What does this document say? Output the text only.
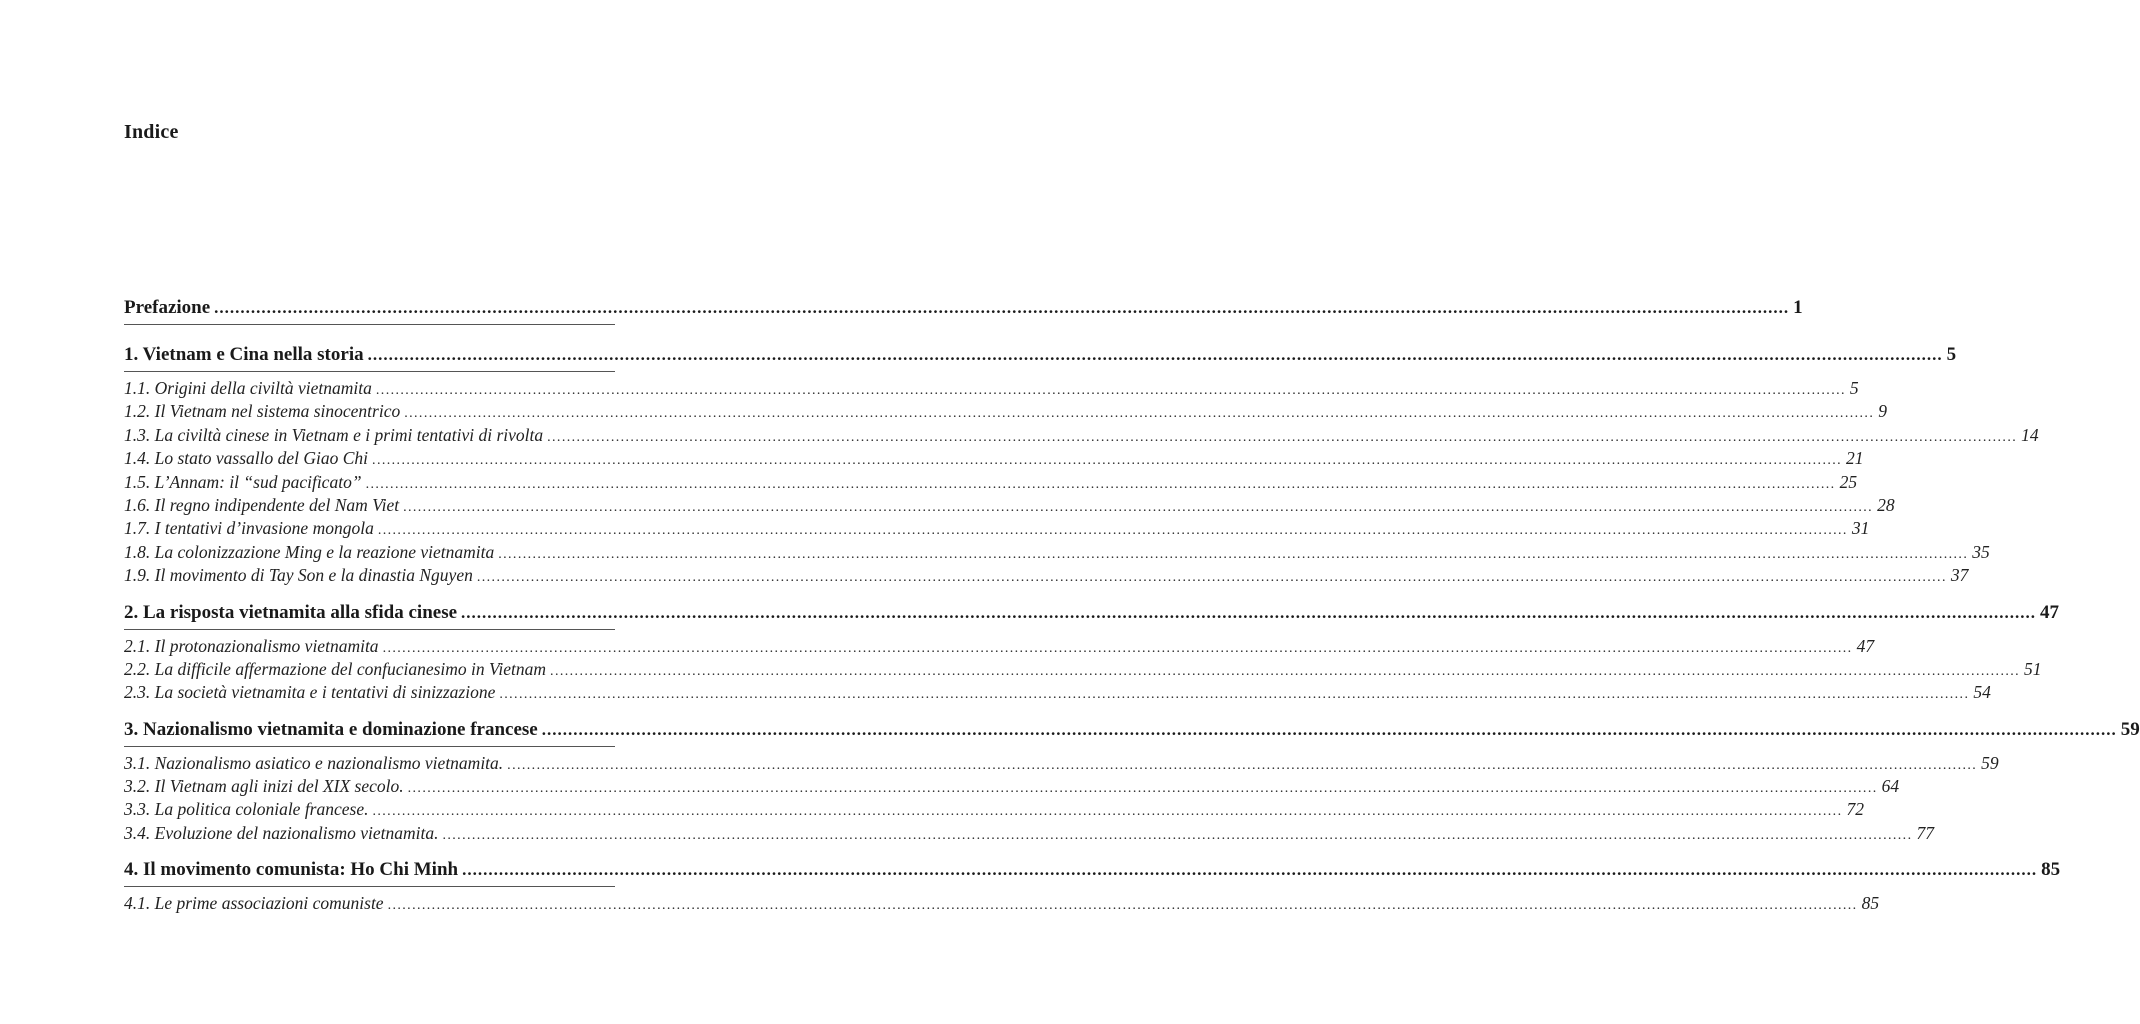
Indice
Prefazione ............................................................................................................................................................................................................................................................................................................ 1
1. Vietnam e Cina nella storia ............................................................................................................................................................................................................................................................................................................ 5
1.1. Origini della civiltà vietnamita ............................................................................................................................................................................................................................................................................................................ 5
1.2. Il Vietnam nel sistema sinocentrico ............................................................................................................................................................................................................................................................................................................ 9
1.3. La civiltà cinese in Vietnam e i primi tentativi di rivolta ............................................................................................................................................................................................................................................................................................................ 14
1.4. Lo stato vassallo del Giao Chi ............................................................................................................................................................................................................................................................................................................ 21
1.5. L’Annam: il “sud pacificato” ............................................................................................................................................................................................................................................................................................................ 25
1.6. Il regno indipendente del Nam Viet ............................................................................................................................................................................................................................................................................................................ 28
1.7. I tentativi d’invasione mongola ............................................................................................................................................................................................................................................................................................................ 31
1.8. La colonizzazione Ming e la reazione vietnamita ............................................................................................................................................................................................................................................................................................................ 35
1.9. Il movimento di Tay Son e la dinastia Nguyen ............................................................................................................................................................................................................................................................................................................ 37
2. La risposta vietnamita alla sfida cinese ............................................................................................................................................................................................................................................................................................................ 47
2.1. Il protonazionalismo vietnamita ............................................................................................................................................................................................................................................................................................................ 47
2.2. La difficile affermazione del confucianesimo in Vietnam ............................................................................................................................................................................................................................................................................................................ 51
2.3. La società vietnamita e i tentativi di sinizzazione ............................................................................................................................................................................................................................................................................................................ 54
3. Nazionalismo vietnamita e dominazione francese ............................................................................................................................................................................................................................................................................................................ 59
3.1. Nazionalismo asiatico e nazionalismo vietnamita. ............................................................................................................................................................................................................................................................................................................ 59
3.2. Il Vietnam agli inizi del XIX secolo. ............................................................................................................................................................................................................................................................................................................ 64
3.3. La politica coloniale francese. ............................................................................................................................................................................................................................................................................................................ 72
3.4. Evoluzione del nazionalismo vietnamita. ............................................................................................................................................................................................................................................................................................................ 77
4. Il movimento comunista: Ho Chi Minh ............................................................................................................................................................................................................................................................................................................ 85
4.1. Le prime associazioni comuniste ............................................................................................................................................................................................................................................................................................................ 85
